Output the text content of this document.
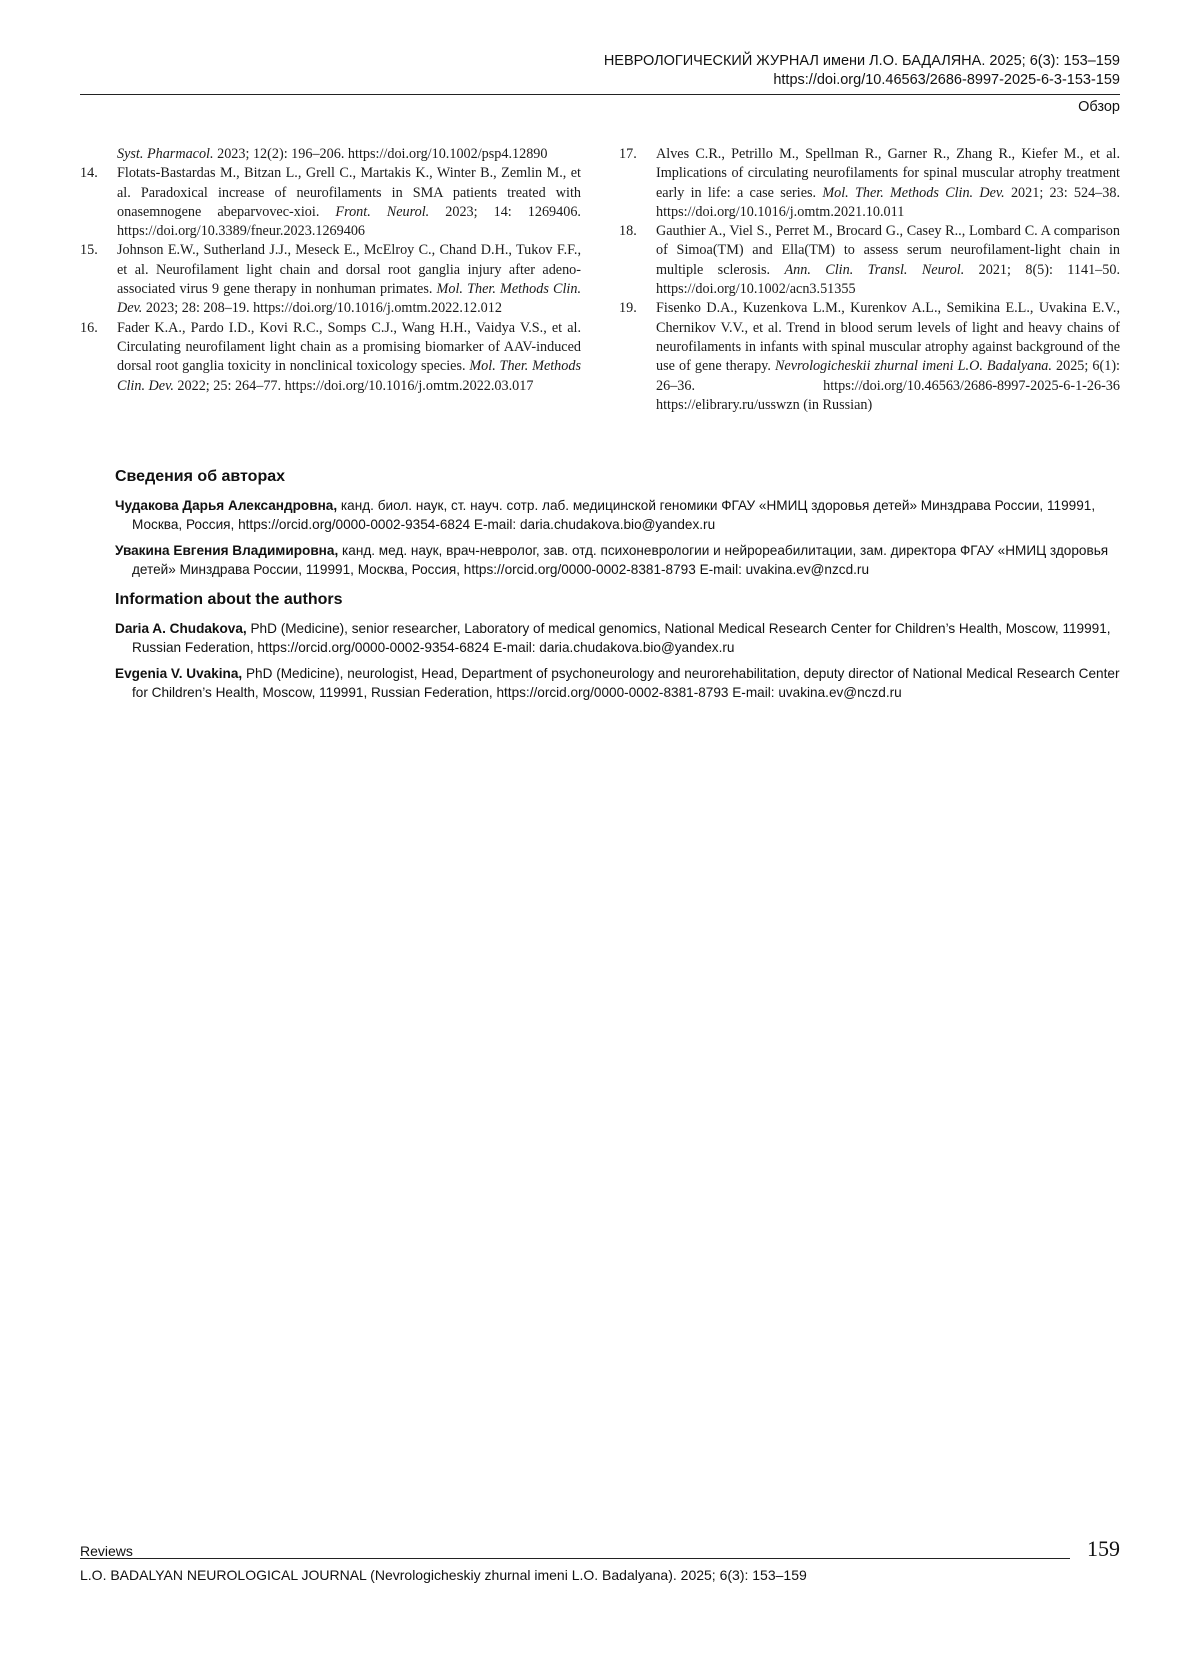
НЕВРОЛОГИЧЕСКИЙ ЖУРНАЛ имени Л.О. БАДАЛЯНА. 2025; 6(3): 153–159
https://doi.org/10.46563/2686-8997-2025-6-3-153-159
Обзор
Syst. Pharmacol. 2023; 12(2): 196–206. https://doi.org/10.1002/psp4.12890
14. Flotats-Bastardas M., Bitzan L., Grell C., Martakis K., Winter B., Zemlin M., et al. Paradoxical increase of neurofilaments in SMA patients treated with onasemnogene abeparvovec-xioi. Front. Neurol. 2023; 14: 1269406. https://doi.org/10.3389/fneur.2023.1269406
15. Johnson E.W., Sutherland J.J., Meseck E., McElroy C., Chand D.H., Tukov F.F., et al. Neurofilament light chain and dorsal root ganglia injury after adeno-associated virus 9 gene therapy in nonhuman primates. Mol. Ther. Methods Clin. Dev. 2023; 28: 208–19. https://doi.org/10.1016/j.omtm.2022.12.012
16. Fader K.A., Pardo I.D., Kovi R.C., Somps C.J., Wang H.H., Vaidya V.S., et al. Circulating neurofilament light chain as a promising biomarker of AAV-induced dorsal root ganglia toxicity in nonclinical toxicology species. Mol. Ther. Methods Clin. Dev. 2022; 25: 264–77. https://doi.org/10.1016/j.omtm.2022.03.017
17. Alves C.R., Petrillo M., Spellman R., Garner R., Zhang R., Kiefer M., et al. Implications of circulating neurofilaments for spinal muscular atrophy treatment early in life: a case series. Mol. Ther. Methods Clin. Dev. 2021; 23: 524–38. https://doi.org/10.1016/j.omtm.2021.10.011
18. Gauthier A., Viel S., Perret M., Brocard G., Casey R.., Lombard C. A comparison of Simoa(TM) and Ella(TM) to assess serum neurofilament-light chain in multiple sclerosis. Ann. Clin. Transl. Neurol. 2021; 8(5): 1141–50. https://doi.org/10.1002/acn3.51355
19. Fisenko D.A., Kuzenkova L.M., Kurenkov A.L., Semikina E.L., Uvakina E.V., Chernikov V.V., et al. Trend in blood serum levels of light and heavy chains of neurofilaments in infants with spinal muscular atrophy against background of the use of gene therapy. Nevrologicheskii zhurnal imeni L.O. Badalyana. 2025; 6(1): 26–36. https://doi.org/10.46563/2686-8997-2025-6-1-26-36 https://elibrary.ru/usswzn (in Russian)
Сведения об авторах
Чудакова Дарья Александровна, канд. биол. наук, ст. науч. сотр. лаб. медицинской геномики ФГАУ «НМИЦ здоровья детей» Минздрава России, 119991, Москва, Россия, https://orcid.org/0000-0002-9354-6824 E-mail: daria.chudakova.bio@yandex.ru
Увакина Евгения Владимировна, канд. мед. наук, врач-невролог, зав. отд. психоневрологии и нейрореабилитации, зам. директора ФГАУ «НМИЦ здоровья детей» Минздрава России, 119991, Москва, Россия, https://orcid.org/0000-0002-8381-8793 E-mail: uvakina.ev@nzcd.ru
Information about the authors
Daria A. Chudakova, PhD (Medicine), senior researcher, Laboratory of medical genomics, National Medical Research Center for Children’s Health, Moscow, 119991, Russian Federation, https://orcid.org/0000-0002-9354-6824 E-mail: daria.chudakova.bio@yandex.ru
Evgenia V. Uvakina, PhD (Medicine), neurologist, Head, Department of psychoneurology and neurorehabilitation, deputy director of National Medical Research Center for Children’s Health, Moscow, 119991, Russian Federation, https://orcid.org/0000-0002-8381-8793 E-mail: uvakina.ev@nczd.ru
Reviews	159
L.O. BADALYAN NEUROLOGICAL JOURNAL (Nevrologicheskiy zhurnal imeni L.O. Badalyana). 2025; 6(3): 153–159
